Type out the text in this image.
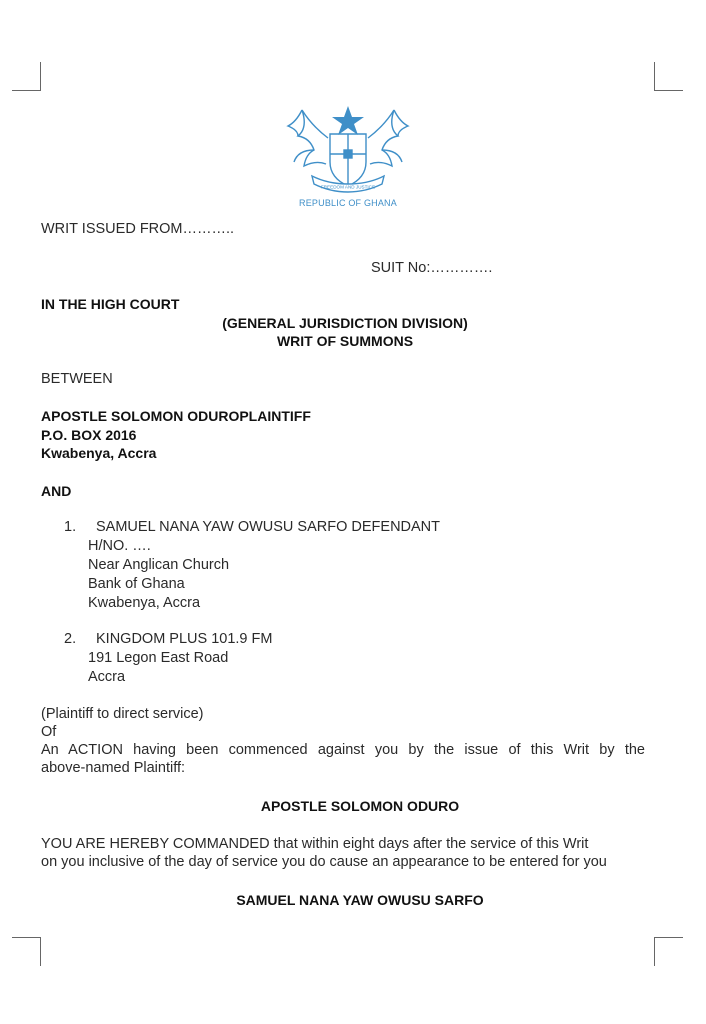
FREEDOM AND JUSTICE
REPUBLIC OF GHANA
WRIT ISSUED FROM………..
SUIT No:………….
IN THE HIGH COURT
(GENERAL JURISDICTION DIVISION)
WRIT OF SUMMONS
BETWEEN
APOSTLE SOLOMON ODUROPLAINTIFF
P.O. BOX 2016
Kwabenya, Accra
AND
1. SAMUEL NANA YAW OWUSU SARFO DEFENDANT
H/NO. ….
Near Anglican Church
Bank of Ghana
Kwabenya, Accra
2. KINGDOM PLUS 101.9 FM
191 Legon East Road
Accra
(Plaintiff to direct service)
Of
An ACTION having been commenced against you by the issue of this Writ by the
above-named Plaintiff:
APOSTLE SOLOMON ODURO
YOU ARE HEREBY COMMANDED that within eight days after the service of this Writ
on you inclusive of the day of service you do cause an appearance to be entered for you
SAMUEL NANA YAW OWUSU SARFO
